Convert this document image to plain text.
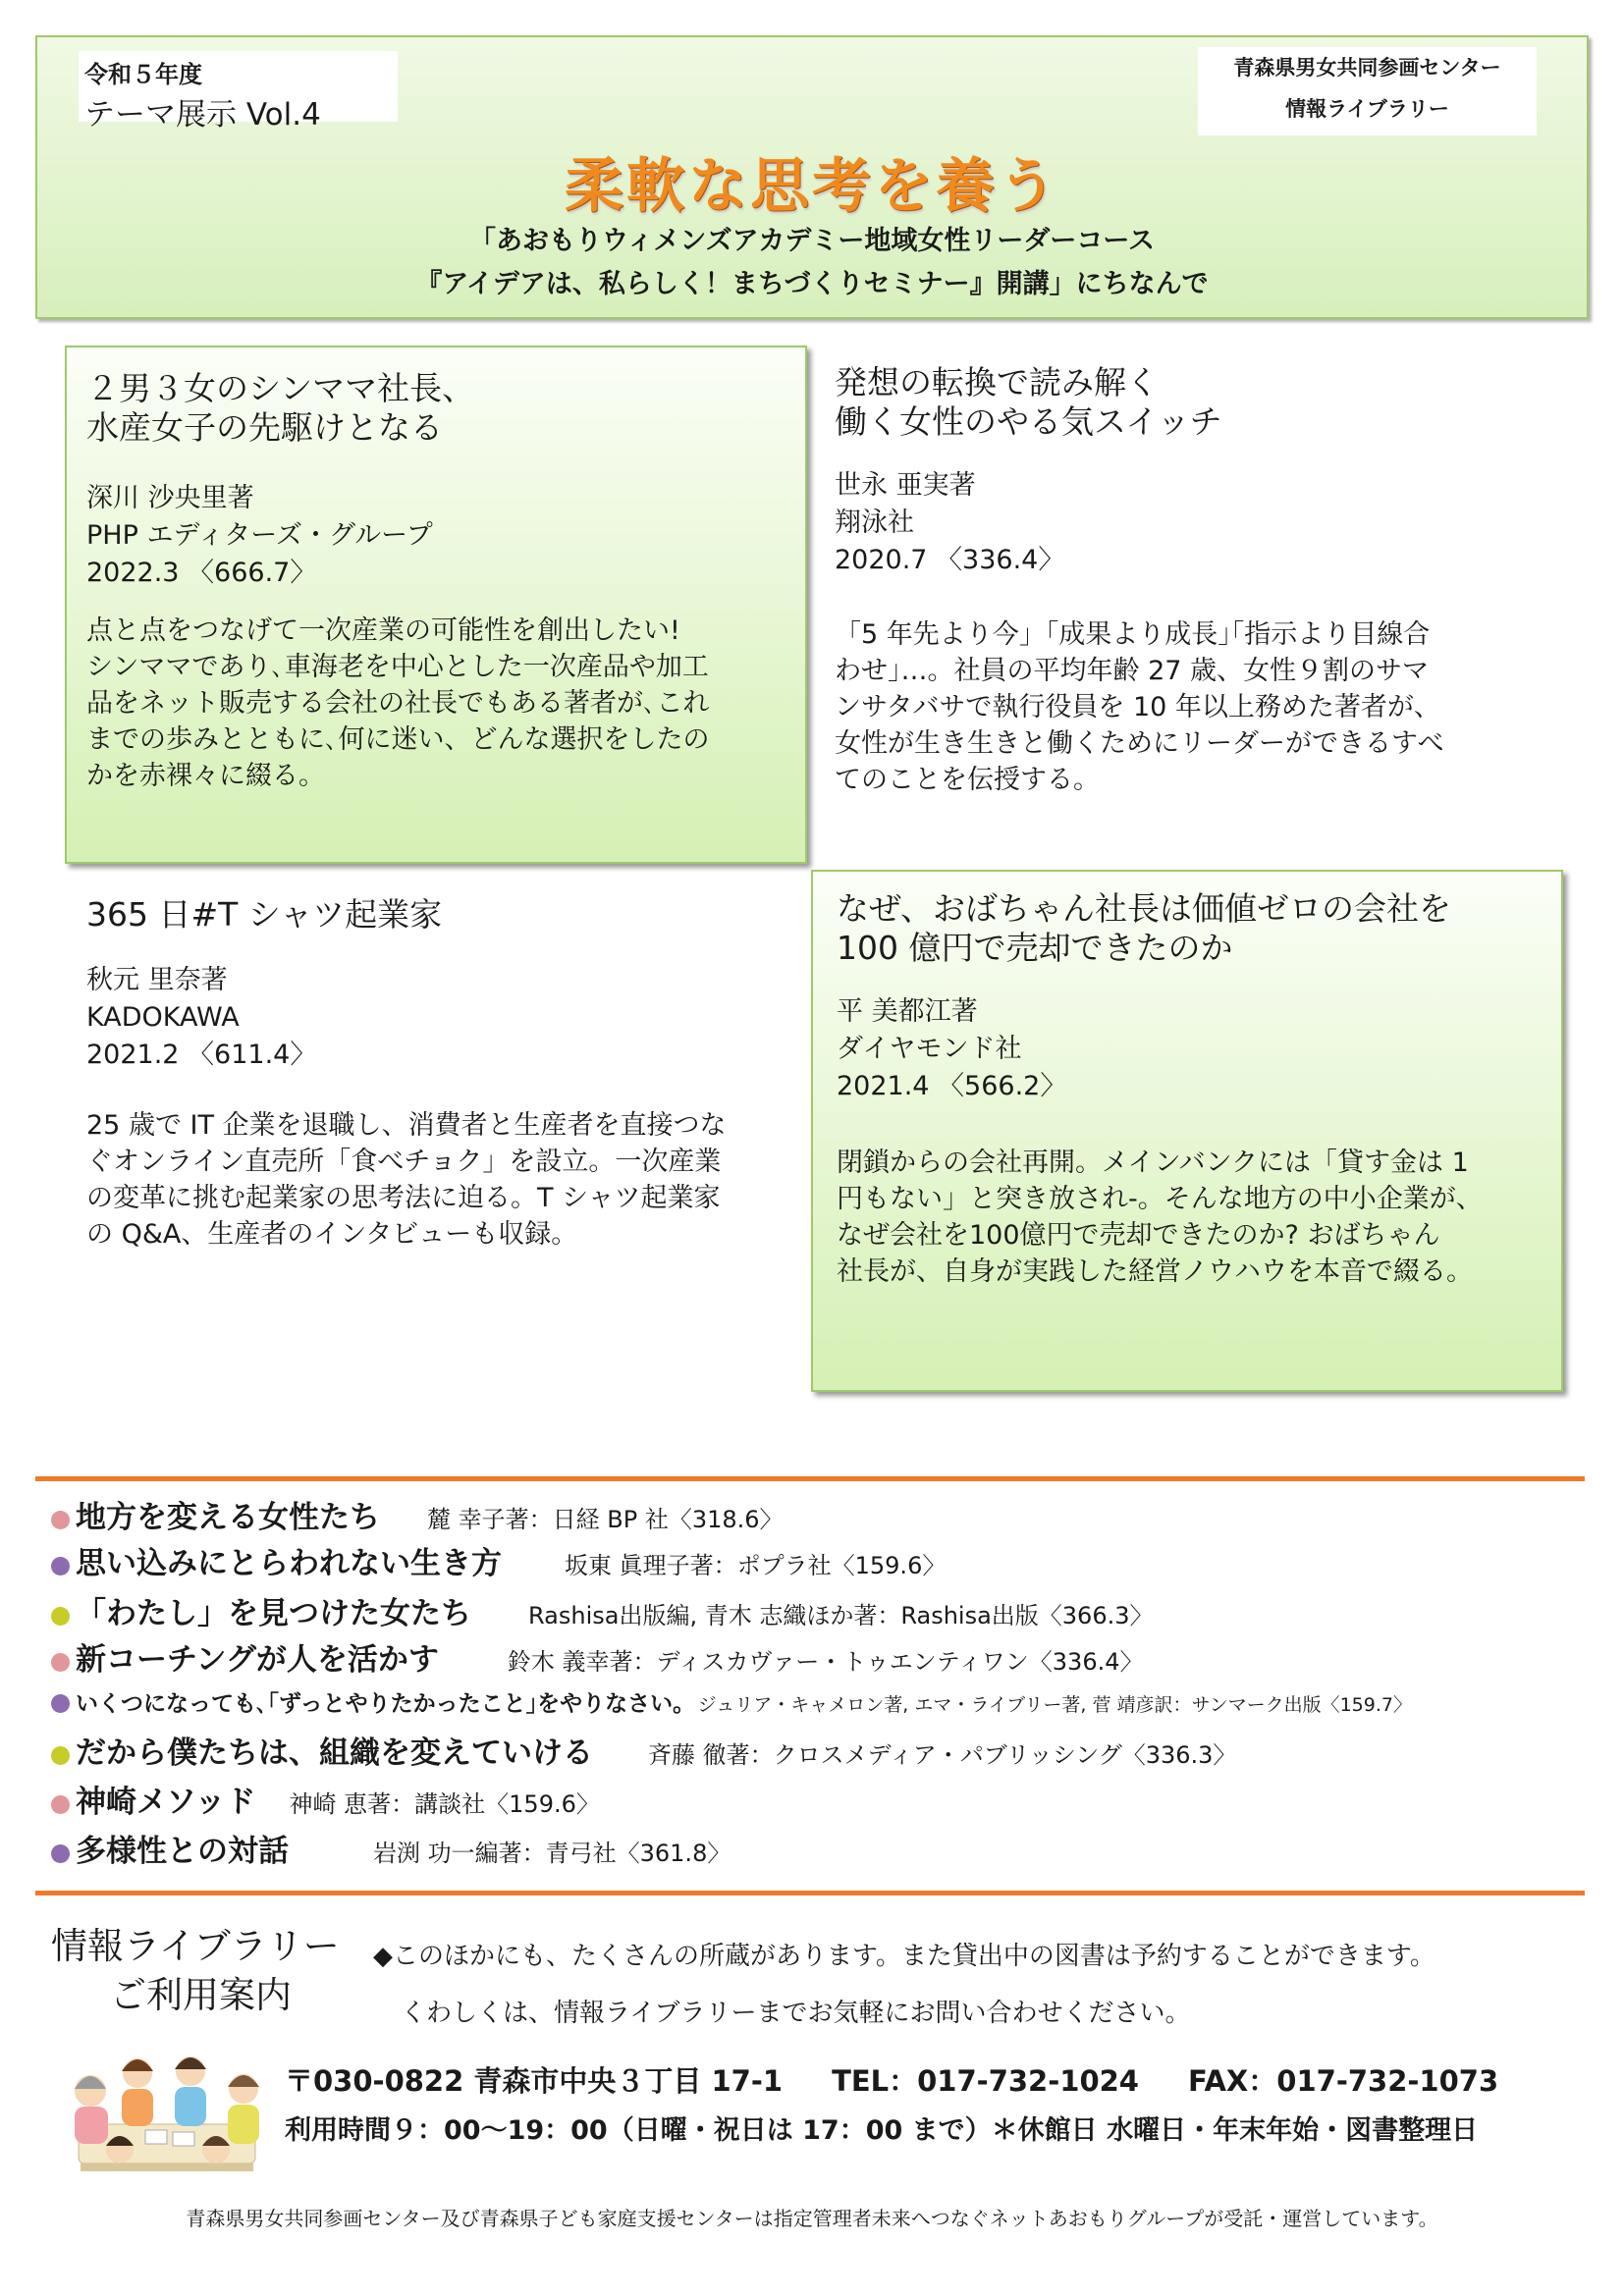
令和５年度
テーマ展示 Vol.4
青森県男女共同参画センター
情報ライブラリー
柔軟な思考を養う
「あおもりウィメンズアカデミー地域女性リーダーコース
『アイデアは、私らしく！まちづくりセミナー』開講」にちなんで
２男３女のシンママ社長、
水産女子の先駆けとなる
深川 沙央里著
PHP エディターズ・グループ
2022.3 〈666.7〉
点と点をつなげて一次産業の可能性を創出したい!
シンママであり､車海老を中心とした一次産品や加工
品をネット販売する会社の社長でもある著者が､これ
までの歩みとともに､何に迷い、どんな選択をしたの
かを赤裸々に綴る。
発想の転換で読み解く
働く女性のやる気スイッチ
世永 亜実著
翔泳社
2020.7 〈336.4〉
「5 年先より今」｢成果より成長｣｢指示より目線合
わせ｣…。社員の平均年齢 27 歳、女性９割のサマ
ンサタバサで執行役員を 10 年以上務めた著者が、
女性が生き生きと働くためにリーダーができるすべ
てのことを伝授する。
365 日#T シャツ起業家
秋元 里奈著
KADOKAWA
2021.2 〈611.4〉
25 歳で IT 企業を退職し、消費者と生産者を直接つな
ぐオンライン直売所「食べチョク」を設立。一次産業
の変革に挑む起業家の思考法に迫る。T シャツ起業家
の Q&A、生産者のインタビューも収録。
なぜ、おばちゃん社長は価値ゼロの会社を
100 億円で売却できたのか
平 美都江著
ダイヤモンド社
2021.4 〈566.2〉
閉鎖からの会社再開。メインバンクには「貸す金は 1
円もない」と突き放され-。そんな地方の中小企業が、
なぜ会社を100億円で売却できたのか? おばちゃん
社長が、自身が実践した経営ノウハウを本音で綴る。
地方を変える女性たち 麓 幸子著：日経 BP 社〈318.6〉
思い込みにとらわれない生き方	坂東 眞理子著：ポプラ社〈159.6〉
「わたし」を見つけた女たち Rashisa出版編, 青木 志織ほか著：Rashisa出版〈366.3〉
新コーチングが人を活かす	鈴木 義幸著：ディスカヴァー・トゥエンティワン〈336.4〉
いくつになっても､｢ずっとやりたかったこと｣をやりなさい｡ ジュリア・キャメロン著, エマ・ライブリー著, 菅 靖彦訳：サンマーク出版〈159.7〉
だから僕たちは、組織を変えていける 斉藤 徹著：クロスメディア・パブリッシング〈336.3〉
神崎メソッド 神崎 恵著：講談社〈159.6〉
多様性との対話	岩渕 功一編著：青弓社〈361.8〉
情報ライブラリー
ご利用案内
◆このほかにも、たくさんの所蔵があります。また貸出中の図書は予約することができます。
くわしくは、情報ライブラリーまでお気軽にお問い合わせください。
〒030-0822 青森市中央３丁目 17-1 TEL：017-732-1024 FAX：017-732-1073
利用時間９：00〜19：00（日曜・祝日は 17：00 まで）＊休館日 水曜日・年末年始・図書整理日
青森県男女共同参画センター及び青森県子ども家庭支援センターは指定管理者未来へつなぐネットあおもりグループが受託・運営しています。
